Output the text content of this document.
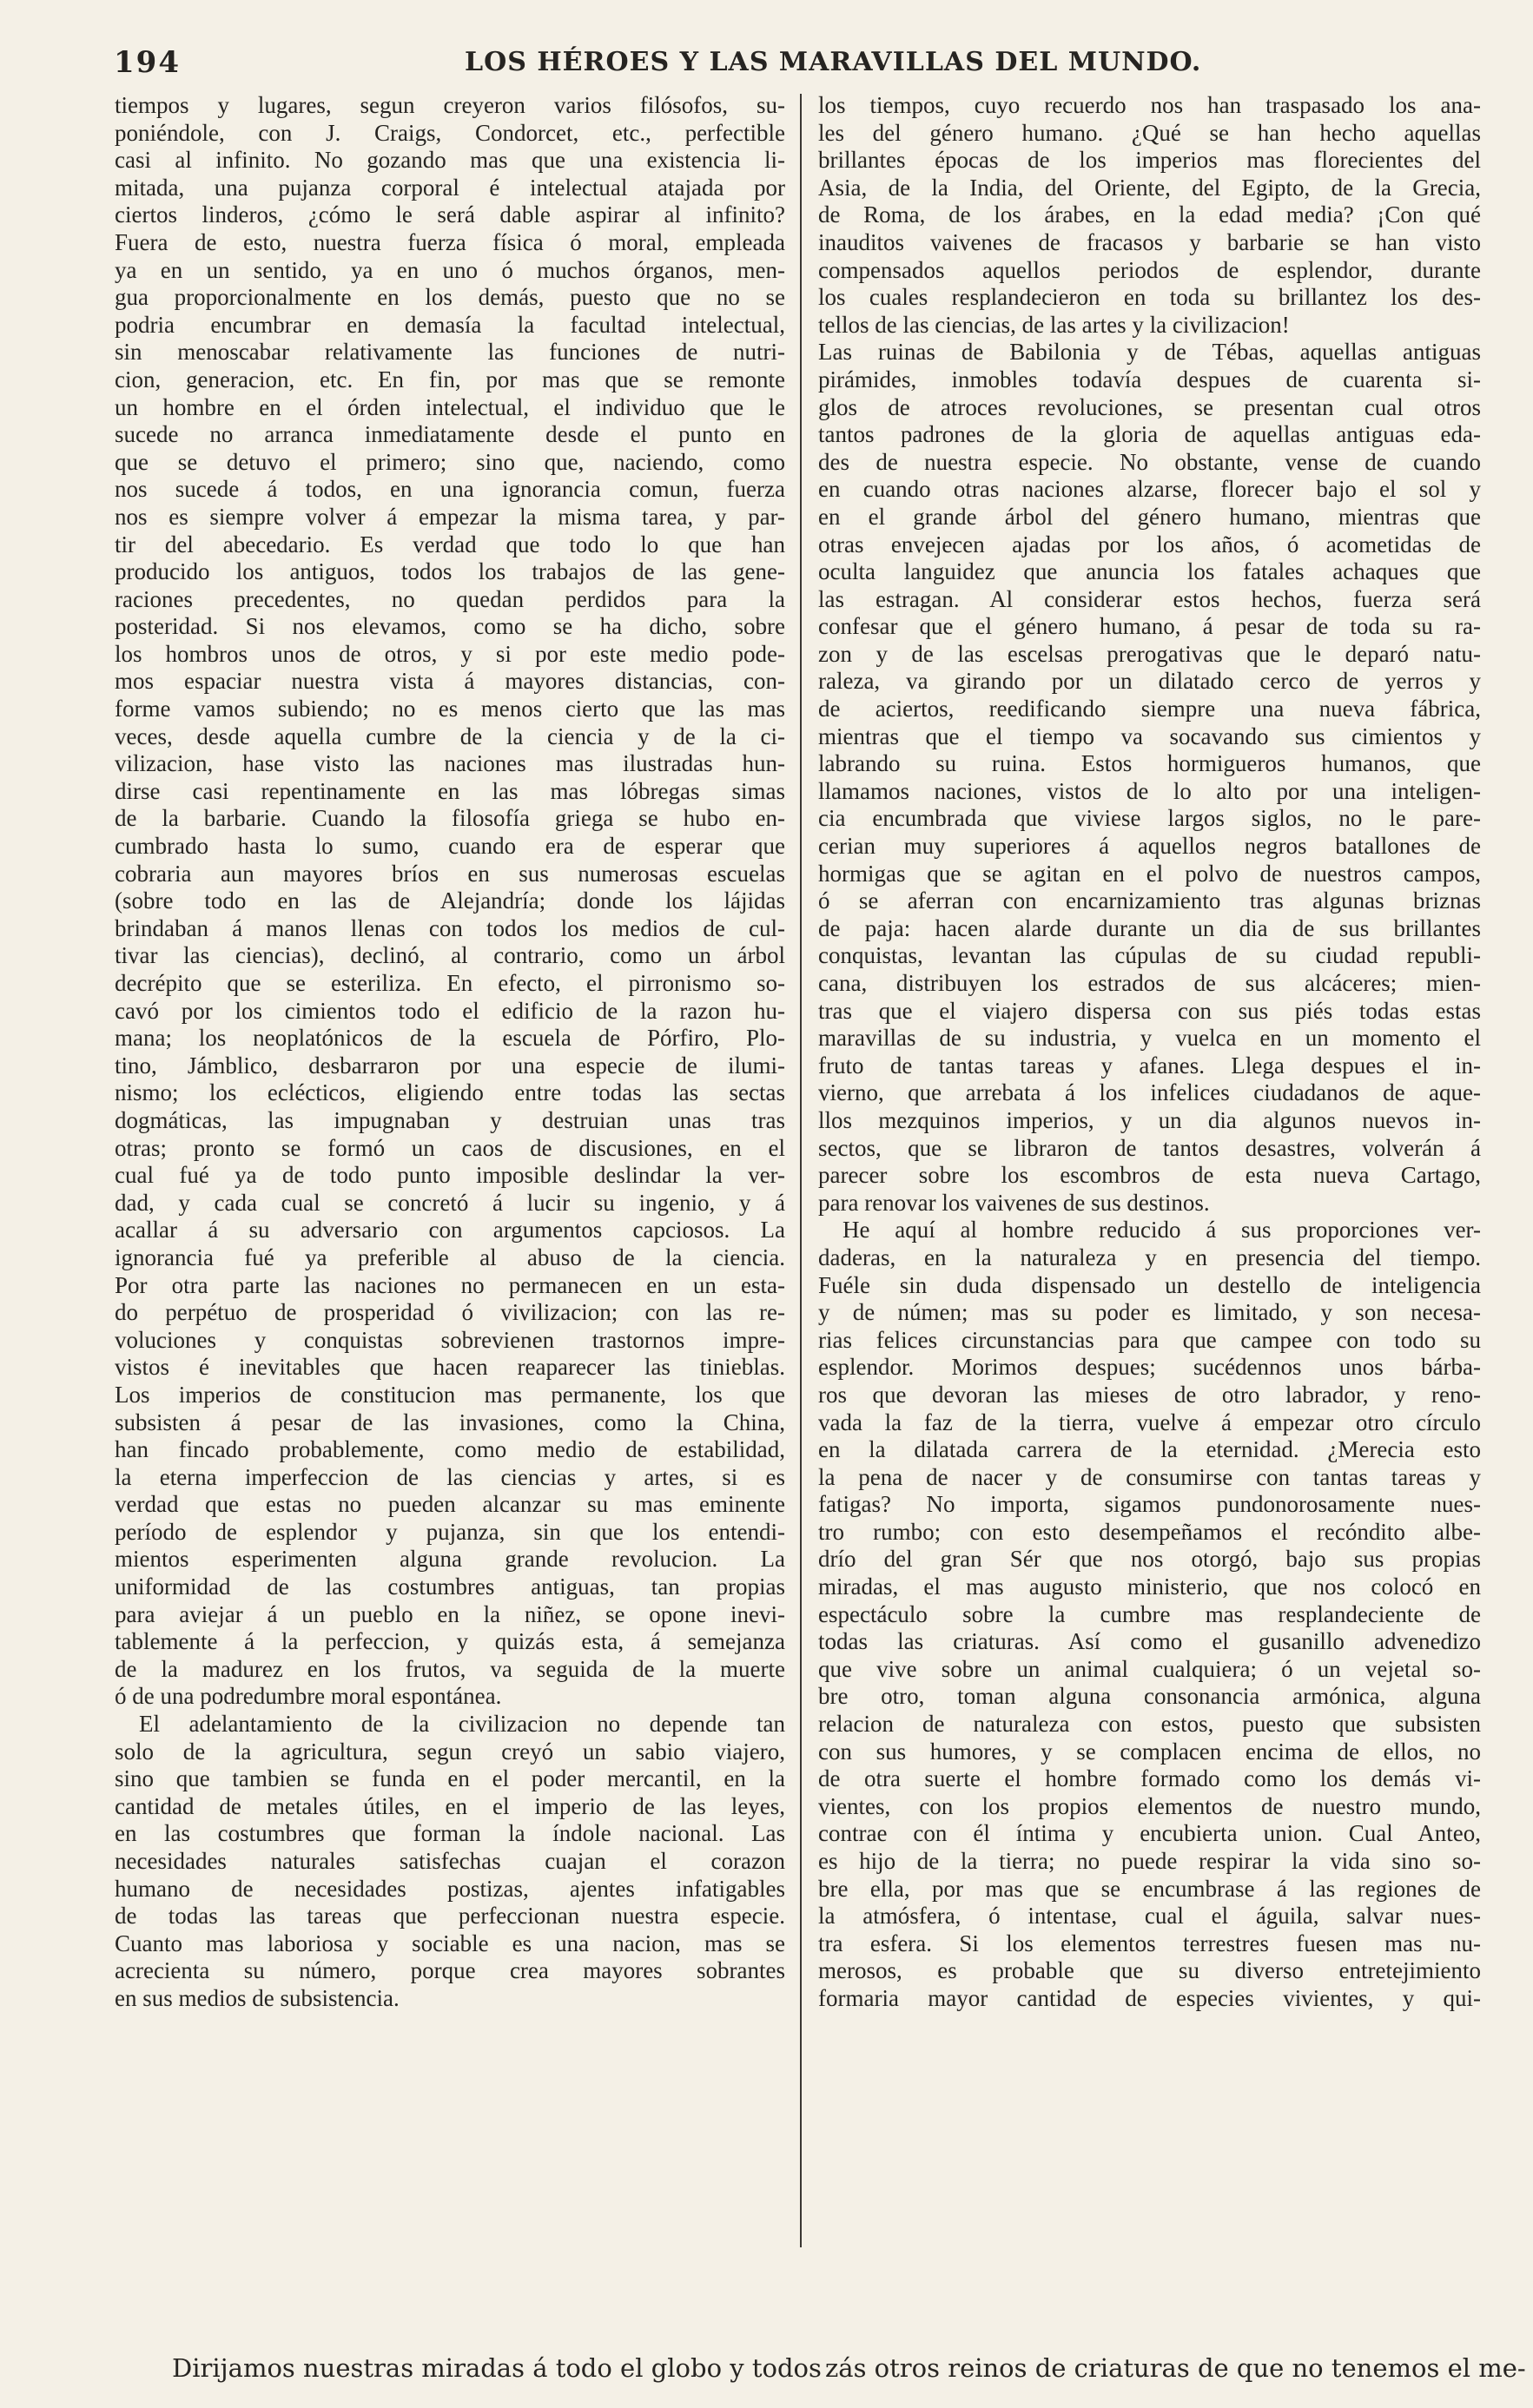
194	LOS HÉROES Y LAS MARAVILLAS DEL MUNDO.
tiempos y lugares, segun creyeron varios filósofos, su-
poniéndole, con J. Craigs, Condorcet, etc., perfectible
casi al infinito. No gozando mas que una existencia li-
mitada, una pujanza corporal é intelectual atajada por
ciertos linderos, ¿cómo le será dable aspirar al infinito?
Fuera de esto, nuestra fuerza física ó moral, empleada
ya en un sentido, ya en uno ó muchos órganos, men-
gua proporcionalmente en los demás, puesto que no se
podria encumbrar en demasía la facultad intelectual,
sin menoscabar relativamente las funciones de nutri-
cion, generacion, etc. En fin, por mas que se remonte
un hombre en el órden intelectual, el individuo que le
sucede no arranca inmediatamente desde el punto en
que se detuvo el primero; sino que, naciendo, como
nos sucede á todos, en una ignorancia comun, fuerza
nos es siempre volver á empezar la misma tarea, y par-
tir del abecedario. Es verdad que todo lo que han
producido los antiguos, todos los trabajos de las gene-
raciones precedentes, no quedan perdidos para la
posteridad. Si nos elevamos, como se ha dicho, sobre
los hombros unos de otros, y si por este medio pode-
mos espaciar nuestra vista á mayores distancias, con-
forme vamos subiendo; no es menos cierto que las mas
veces, desde aquella cumbre de la ciencia y de la ci-
vilizacion, hase visto las naciones mas ilustradas hun-
dirse casi repentinamente en las mas lóbregas simas
de la barbarie. Cuando la filosofía griega se hubo en-
cumbrado hasta lo sumo, cuando era de esperar que
cobraria aun mayores bríos en sus numerosas escuelas
(sobre todo en las de Alejandría; donde los lájidas
brindaban á manos llenas con todos los medios de cul-
tivar las ciencias), declinó, al contrario, como un árbol
decrépito que se esteriliza. En efecto, el pirronismo so-
cavó por los cimientos todo el edificio de la razon hu-
mana; los neoplatónicos de la escuela de Pórfiro, Plo-
tino, Jámblico, desbarraron por una especie de ilumi-
nismo; los eclécticos, eligiendo entre todas las sectas
dogmáticas, las impugnaban y destruian unas tras
otras; pronto se formó un caos de discusiones, en el
cual fué ya de todo punto imposible deslindar la ver-
dad, y cada cual se concretó á lucir su ingenio, y á
acallar á su adversario con argumentos capciosos. La
ignorancia fué ya preferible al abuso de la ciencia.
Por otra parte las naciones no permanecen en un esta-
do perpétuo de prosperidad ó vivilizacion; con las re-
voluciones y conquistas sobrevienen trastornos impre-
vistos é inevitables que hacen reaparecer las tinieblas.
Los imperios de constitucion mas permanente, los que
subsisten á pesar de las invasiones, como la China,
han fincado probablemente, como medio de estabilidad,
la eterna imperfeccion de las ciencias y artes, si es
verdad que estas no pueden alcanzar su mas eminente
período de esplendor y pujanza, sin que los entendi-
mientos esperimenten alguna grande revolucion. La
uniformidad de las costumbres antiguas, tan propias
para aviejar á un pueblo en la niñez, se opone inevi-
tablemente á la perfeccion, y quizás esta, á semejanza
de la madurez en los frutos, va seguida de la muerte
ó de una podredumbre moral espontánea.
El adelantamiento de la civilizacion no depende tan
solo de la agricultura, segun creyó un sabio viajero,
sino que tambien se funda en el poder mercantil, en la
cantidad de metales útiles, en el imperio de las leyes,
en las costumbres que forman la índole nacional. Las
necesidades naturales satisfechas cuajan el corazon
humano de necesidades postizas, ajentes infatigables
de todas las tareas que perfeccionan nuestra especie.
Cuanto mas laboriosa y sociable es una nacion, mas se
acrecienta su número, porque crea mayores sobrantes
en sus medios de subsistencia.
los tiempos, cuyo recuerdo nos han traspasado los ana-
les del género humano. ¿Qué se han hecho aquellas
brillantes épocas de los imperios mas florecientes del
Asia, de la India, del Oriente, del Egipto, de la Grecia,
de Roma, de los árabes, en la edad media? ¡Con qué
inauditos vaivenes de fracasos y barbarie se han visto
compensados aquellos periodos de esplendor, durante
los cuales resplandecieron en toda su brillantez los des-
tellos de las ciencias, de las artes y la civilizacion!
Las ruinas de Babilonia y de Tébas, aquellas antiguas
pirámides, inmobles todavía despues de cuarenta si-
glos de atroces revoluciones, se presentan cual otros
tantos padrones de la gloria de aquellas antiguas eda-
des de nuestra especie. No obstante, vense de cuando
en cuando otras naciones alzarse, florecer bajo el sol y
en el grande árbol del género humano, mientras que
otras envejecen ajadas por los años, ó acometidas de
oculta languidez que anuncia los fatales achaques que
las estragan. Al considerar estos hechos, fuerza será
confesar que el género humano, á pesar de toda su ra-
zon y de las escelsas prerogativas que le deparó natu-
raleza, va girando por un dilatado cerco de yerros y
de aciertos, reedificando siempre una nueva fábrica,
mientras que el tiempo va socavando sus cimientos y
labrando su ruina. Estos hormigueros humanos, que
llamamos naciones, vistos de lo alto por una inteligen-
cia encumbrada que viviese largos siglos, no le pare-
cerian muy superiores á aquellos negros batallones de
hormigas que se agitan en el polvo de nuestros campos,
ó se aferran con encarnizamiento tras algunas briznas
de paja: hacen alarde durante un dia de sus brillantes
conquistas, levantan las cúpulas de su ciudad republi-
cana, distribuyen los estrados de sus alcáceres; mien-
tras que el viajero dispersa con sus piés todas estas
maravillas de su industria, y vuelca en un momento el
fruto de tantas tareas y afanes. Llega despues el in-
vierno, que arrebata á los infelices ciudadanos de aque-
llos mezquinos imperios, y un dia algunos nuevos in-
sectos, que se libraron de tantos desastres, volverán á
parecer sobre los escombros de esta nueva Cartago,
para renovar los vaivenes de sus destinos.
He aquí al hombre reducido á sus proporciones ver-
daderas, en la naturaleza y en presencia del tiempo.
Fuéle sin duda dispensado un destello de inteligencia
y de númen; mas su poder es limitado, y son necesa-
rias felices circunstancias para que campee con todo su
esplendor. Morimos despues; sucédennos unos bárba-
ros que devoran las mieses de otro labrador, y reno-
vada la faz de la tierra, vuelve á empezar otro círculo
en la dilatada carrera de la eternidad. ¿Merecia esto
la pena de nacer y de consumirse con tantas tareas y
fatigas? No importa, sigamos pundonorosamente nues-
tro rumbo; con esto desempeñamos el recóndito albe-
drío del gran Sér que nos otorgó, bajo sus propias
miradas, el mas augusto ministerio, que nos colocó en
espectáculo sobre la cumbre mas resplandeciente de
todas las criaturas. Así como el gusanillo advenedizo
que vive sobre un animal cualquiera; ó un vejetal so-
bre otro, toman alguna consonancia armónica, alguna
relacion de naturaleza con estos, puesto que subsisten
con sus humores, y se complacen encima de ellos, no
de otra suerte el hombre formado como los demás vi-
vientes, con los propios elementos de nuestro mundo,
contrae con él íntima y encubierta union. Cual Anteo,
es hijo de la tierra; no puede respirar la vida sino so-
bre ella, por mas que se encumbrase á las regiones de
la atmósfera, ó intentase, cual el águila, salvar nues-
tra esfera. Si los elementos terrestres fuesen mas nu-
merosos, es probable que su diverso entretejimiento
formaria mayor cantidad de especies vivientes, y qui-
Dirijamos nuestras miradas á todo el globo y todos zás otros reinos de criaturas de que no tenemos el me-
